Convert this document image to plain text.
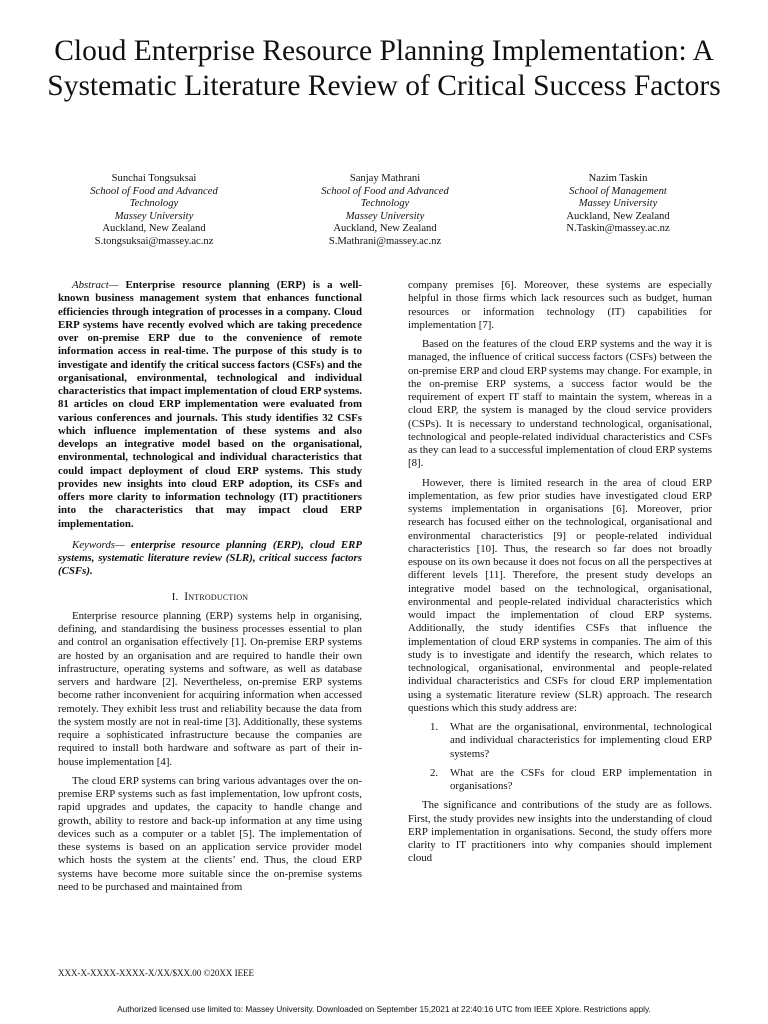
Cloud Enterprise Resource Planning Implementation: A Systematic Literature Review of Critical Success Factors
Sunchai Tongsuksai
School of Food and Advanced
Technology
Massey University
Auckland, New Zealand
S.tongsuksai@massey.ac.nz
Sanjay Mathrani
School of Food and Advanced
Technology
Massey University
Auckland, New Zealand
S.Mathrani@massey.ac.nz
Nazim Taskin
School of Management
Massey University
Auckland, New Zealand
N.Taskin@massey.ac.nz

Abstract— Enterprise resource planning (ERP) is a well-known business management system that enhances functional efficiencies through integration of processes in a company. Cloud ERP systems have recently evolved which are taking precedence over on-premise ERP due to the convenience of remote information access in real-time. The purpose of this study is to investigate and identify the critical success factors (CSFs) and the organisational, environmental, technological and individual characteristics that impact implementation of cloud ERP systems. 81 articles on cloud ERP implementation were evaluated from various conferences and journals. This study identifies 32 CSFs which influence implementation of these systems and also develops an integrative model based on the organisational, environmental, technological and individual characteristics that could impact deployment of cloud ERP systems. This study provides new insights into cloud ERP adoption, its CSFs and offers more clarity to information technology (IT) practitioners into the characteristics that may impact cloud ERP implementation.

Keywords— enterprise resource planning (ERP), cloud ERP systems, systematic literature review (SLR), critical success factors (CSFs).

I. Introduction

Enterprise resource planning (ERP) systems help in organising, defining, and standardising the business processes essential to plan and control an organisation effectively [1]. On-premise ERP systems are hosted by an organisation and are required to handle their own infrastructure, operating systems and software, as well as database servers and hardware [2]. Nevertheless, on-premise ERP systems become rather inconvenient for acquiring information when accessed remotely. They exhibit less trust and reliability because the data from the system mostly are not in real-time [3]. Additionally, these systems require a sophisticated infrastructure because the companies are required to install both hardware and software as part of their in-house implementation [4].

The cloud ERP systems can bring various advantages over the on-premise ERP systems such as fast implementation, low upfront costs, rapid upgrades and updates, the capacity to handle change and growth, ability to restore and back-up information at any time using devices such as a computer or a tablet [5]. The implementation of these systems is based on an application service provider model which hosts the system at the clients’ end. Thus, the cloud ERP systems have become more suitable since the on-premise systems need to be purchased and maintained from

company premises [6]. Moreover, these systems are especially helpful in those firms which lack resources such as budget, human resources or information technology (IT) capabilities for implementation [7].

Based on the features of the cloud ERP systems and the way it is managed, the influence of critical success factors (CSFs) between the on-premise ERP and cloud ERP systems may change. For example, in the on-premise ERP systems, a success factor would be the requirement of expert IT staff to maintain the system, whereas in a cloud ERP, the system is managed by the cloud service providers (CSPs). It is necessary to understand technological, organisational, technological and people-related individual characteristics and CSFs as they can lead to a successful implementation of cloud ERP systems [8].

However, there is limited research in the area of cloud ERP implementation, as few prior studies have investigated cloud ERP systems implementation in organisations [6]. Moreover, prior research has focused either on the technological, organisational and environmental characteristics [9] or people-related individual characteristics [10]. Thus, the research so far does not broadly espouse on its own because it does not focus on all the perspectives at different levels [11]. Therefore, the present study develops an integrative model based on the technological, organisational, environmental and people-related individual characteristics which would impact the implementation of cloud ERP systems. Additionally, the study identifies CSFs that influence the implementation of cloud ERP systems in companies. The aim of this study is to investigate and identify the research, which relates to technological, organisational, environmental and people-related individual characteristics and CSFs for cloud ERP implementation using a systematic literature review (SLR) approach. The research questions which this study address are:

1. What are the organisational, environmental, technological and individual characteristics for implementing cloud ERP systems?
2. What are the CSFs for cloud ERP implementation in organisations?

The significance and contributions of the study are as follows. First, the study provides new insights into the understanding of cloud ERP implementation in organisations. Second, the study offers more clarity to IT practitioners into why companies should implement cloud

XXX-X-XXXX-XXXX-X/XX/$XX.00 ©20XX IEEE
Authorized licensed use limited to: Massey University. Downloaded on September 15,2021 at 22:40:16 UTC from IEEE Xplore. Restrictions apply.
